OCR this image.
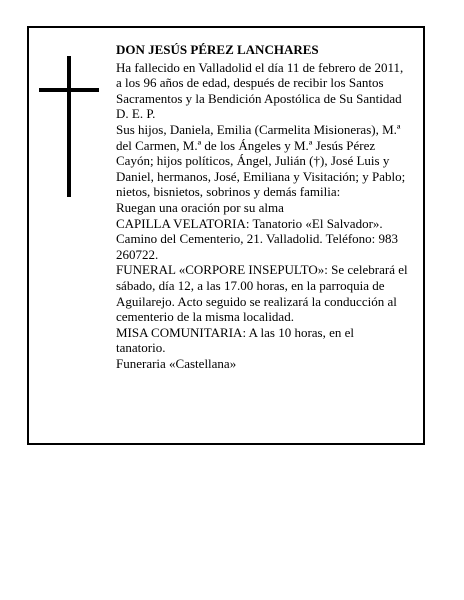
DON JESÚS PÉREZ LANCHARES
Ha fallecido en Valladolid el día 11 de febrero de 2011,
a los 96 años de edad, después de recibir los Santos
Sacramentos y la Bendición Apostólica de Su Santidad
D. E. P.
Sus hijos, Daniela, Emilia (Carmelita Misioneras), M.ª
del Carmen, M.ª de los Ángeles y M.ª Jesús Pérez
Cayón; hijos políticos, Ángel, Julián (†), José Luis y
Daniel, hermanos, José, Emiliana y Visitación; y Pablo;
nietos, bisnietos, sobrinos y demás familia:
Ruegan una oración por su alma
CAPILLA VELATORIA: Tanatorio «El Salvador».
Camino del Cementerio, 21. Valladolid. Teléfono: 983
260722.
FUNERAL «CORPORE INSEPULTO»: Se celebrará el
sábado, día 12, a las 17.00 horas, en la parroquia de
Aguilarejo. Acto seguido se realizará la conducción al
cementerio de la misma localidad.
MISA COMUNITARIA: A las 10 horas, en el
tanatorio.
Funeraria «Castellana»
